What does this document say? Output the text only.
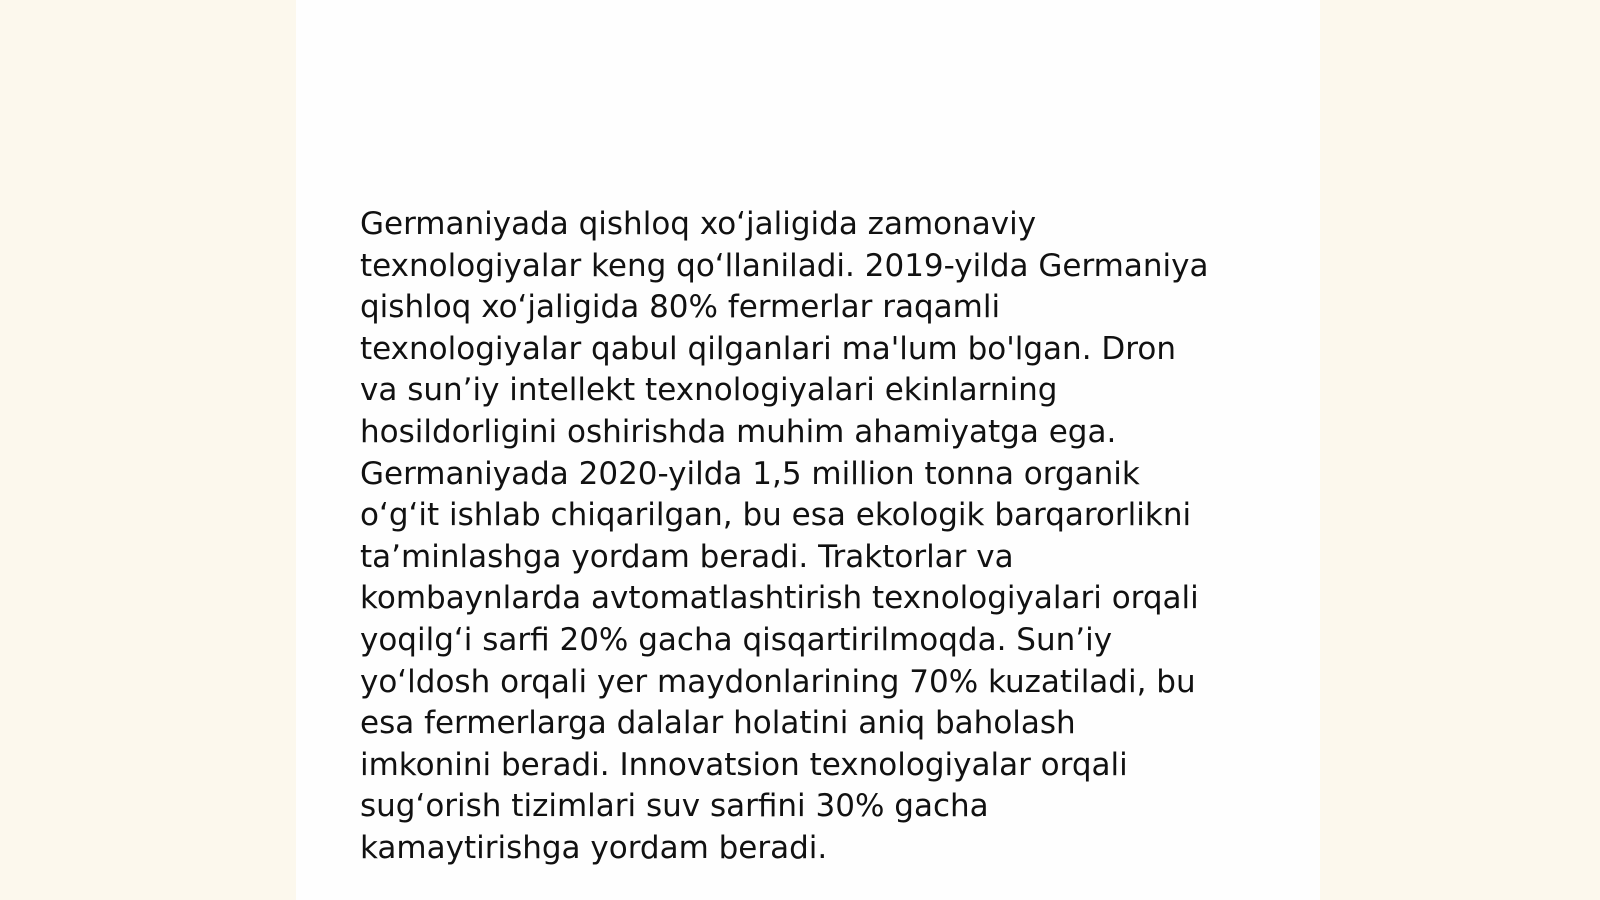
Germaniyada qishloq xo‘jaligida zamonaviy
texnologiyalar keng qo‘llaniladi. 2019-yilda Germaniya
qishloq xo‘jaligida 80% fermerlar raqamli
texnologiyalar qabul qilganlari ma'lum bo'lgan. Dron
va sun’iy intellekt texnologiyalari ekinlarning
hosildorligini oshirishda muhim ahamiyatga ega.
Germaniyada 2020-yilda 1,5 million tonna organik
o‘g‘it ishlab chiqarilgan, bu esa ekologik barqarorlikni
ta’minlashga yordam beradi. Traktorlar va
kombaynlarda avtomatlashtirish texnologiyalari orqali
yoqilg‘i sarfi 20% gacha qisqartirilmoqda. Sun’iy
yo‘ldosh orqali yer maydonlarining 70% kuzatiladi, bu
esa fermerlarga dalalar holatini aniq baholash
imkonini beradi. Innovatsion texnologiyalar orqali
sug‘orish tizimlari suv sarfini 30% gacha
kamaytirishga yordam beradi.
